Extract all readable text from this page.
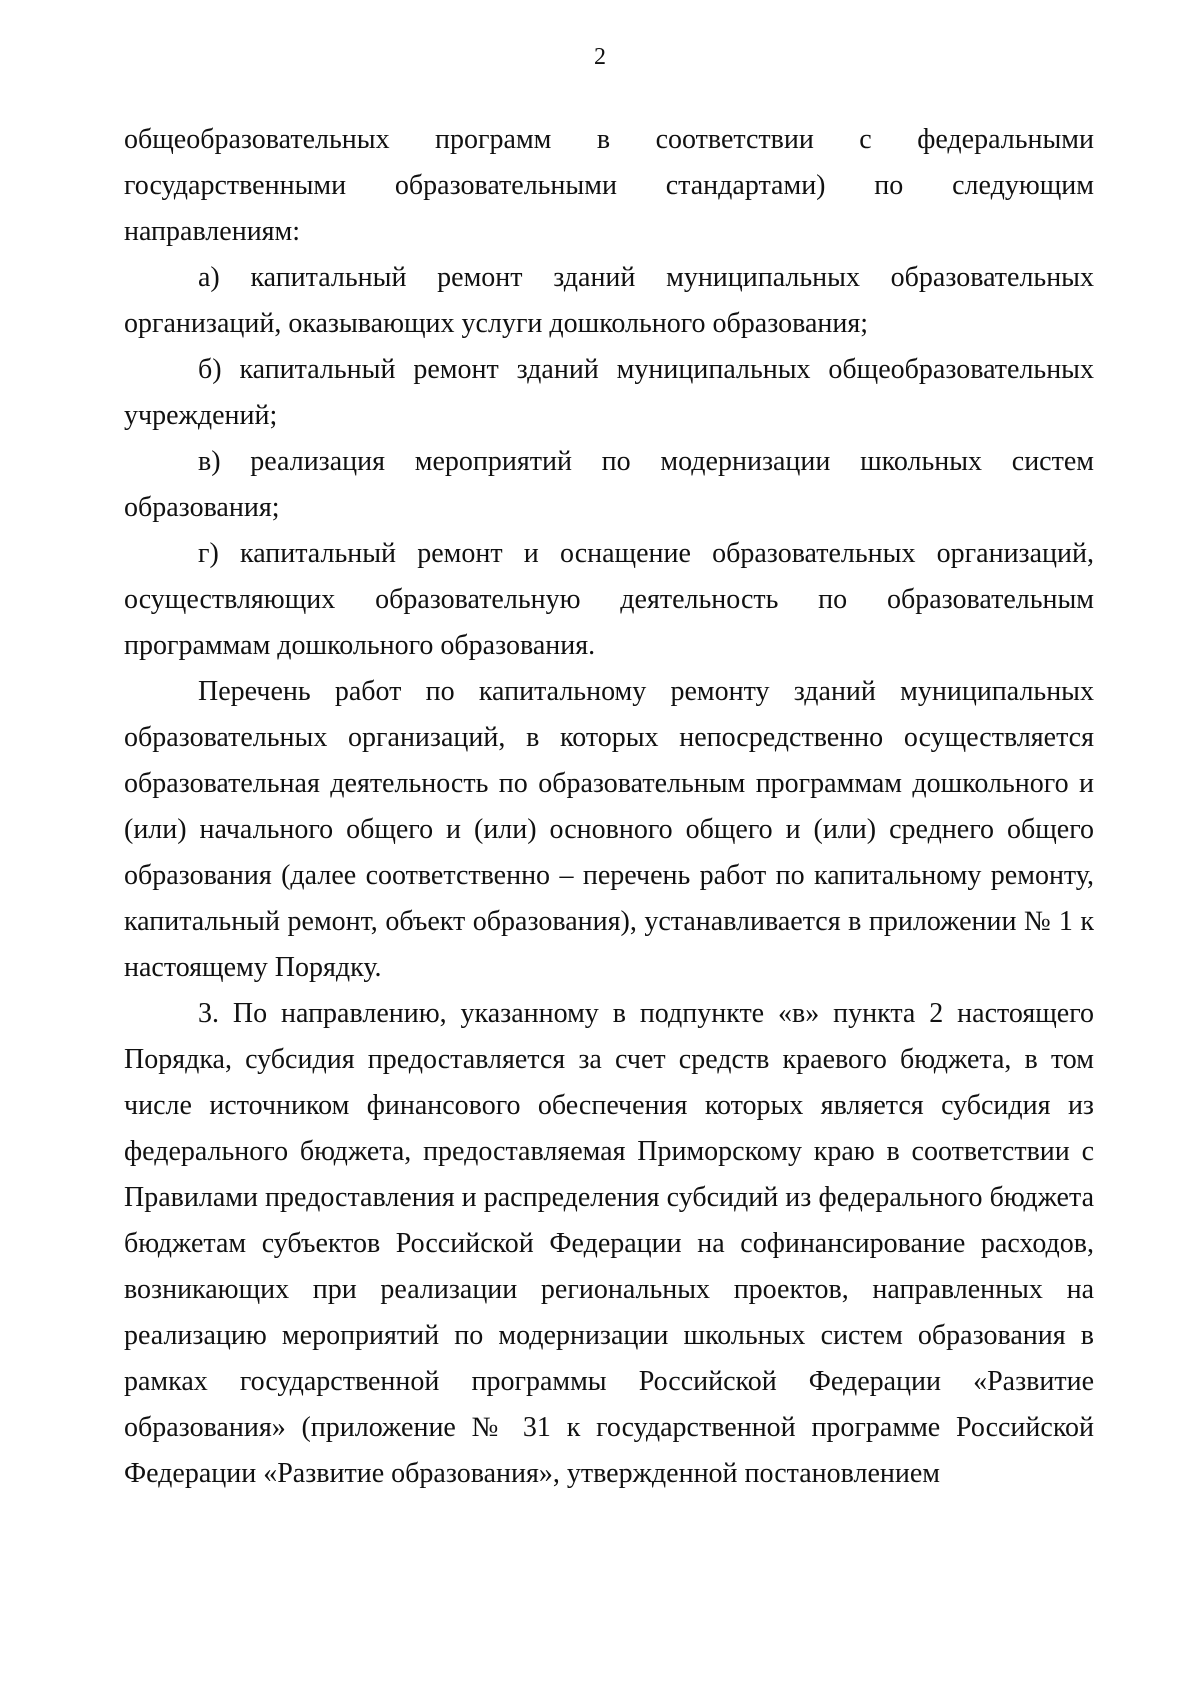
2

общеобразовательных программ в соответствии с федеральными государственными образовательными стандартами) по следующим направлениям:

а) капитальный ремонт зданий муниципальных образовательных организаций, оказывающих услуги дошкольного образования;

б) капитальный ремонт зданий муниципальных общеобразовательных учреждений;

в) реализация мероприятий по модернизации школьных систем образования;

г) капитальный ремонт и оснащение образовательных организаций, осуществляющих образовательную деятельность по образовательным программам дошкольного образования.

Перечень работ по капитальному ремонту зданий муниципальных образовательных организаций, в которых непосредственно осуществляется образовательная деятельность по образовательным программам дошкольного и (или) начального общего и (или) основного общего и (или) среднего общего образования (далее соответственно – перечень работ по капитальному ремонту, капитальный ремонт, объект образования), устанавливается в приложении № 1 к настоящему Порядку.

3. По направлению, указанному в подпункте «в» пункта 2 настоящего Порядка, субсидия предоставляется за счет средств краевого бюджета, в том числе источником финансового обеспечения которых является субсидия из федерального бюджета, предоставляемая Приморскому краю в соответствии с Правилами предоставления и распределения субсидий из федерального бюджета бюджетам субъектов Российской Федерации на софинансирование расходов, возникающих при реализации региональных проектов, направленных на реализацию мероприятий по модернизации школьных систем образования в рамках государственной программы Российской Федерации «Развитие образования» (приложение № 31 к государственной программе Российской Федерации «Развитие образования», утвержденной постановлением
